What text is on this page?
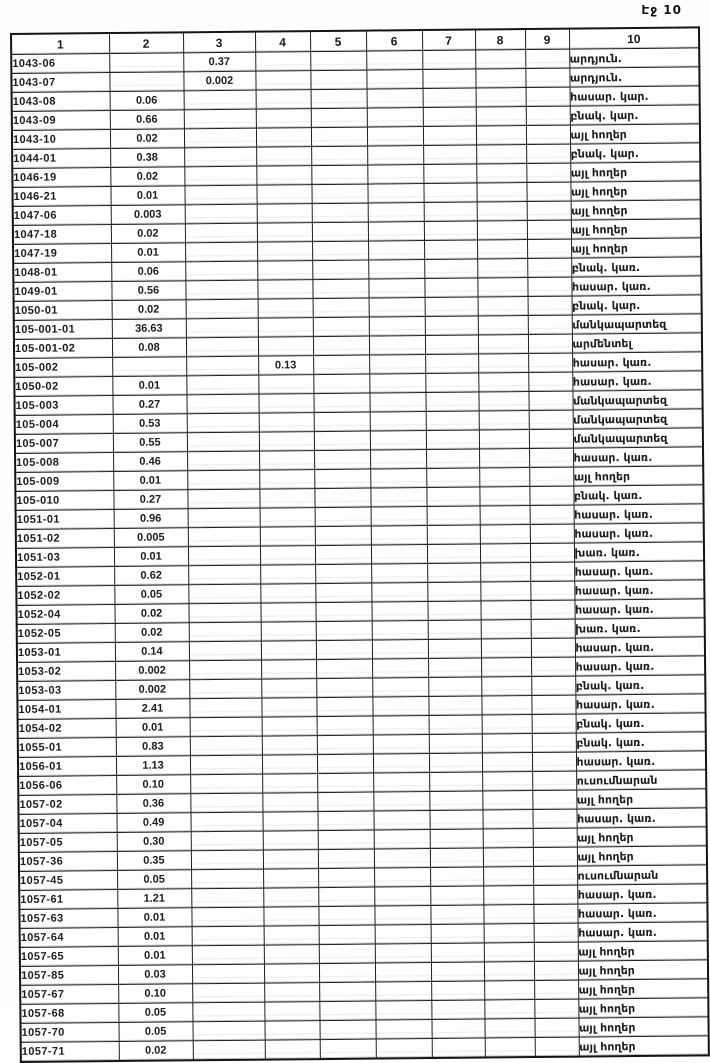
Էջ 10
1	2	3	4	5	6	7	8	9	10
1043-06		0.37							արդյուն.
1043-07		0.002							արդյուն.
1043-08	0.06								հասար. կար.
1043-09	0.66								բնակ. կար.
1043-10	0.02								այլ հողեր
1044-01	0.38								բնակ. կար.
1046-19	0.02								այլ հողեր
1046-21	0.01								այլ հողեր
1047-06	0.003								այլ հողեր
1047-18	0.02								այլ հողեր
1047-19	0.01								այլ հողեր
1048-01	0.06								բնակ. կառ.
1049-01	0.56								հասար. կառ.
1050-01	0.02								բնակ. կար.
105-001-01	36.63								մանկապարտեզ
105-001-02	0.08								արմենտել
105-002			0.13						հասար. կառ.
1050-02	0.01								հասար. կառ.
105-003	0.27								մանկապարտեզ
105-004	0.53								մանկապարտեզ
105-007	0.55								մանկապարտեզ
105-008	0.46								հասար. կառ.
105-009	0.01								այլ հողեր
105-010	0.27								բնակ. կառ.
1051-01	0.96								հասար. կառ.
1051-02	0.005								հասար. կառ.
1051-03	0.01								խառ. կառ.
1052-01	0.62								հասար. կառ.
1052-02	0.05								հասար. կառ.
1052-04	0.02								հասար. կառ.
1052-05	0.02								խառ. կառ.
1053-01	0.14								հասար. կառ.
1053-02	0.002								հասար. կառ.
1053-03	0.002								բնակ. կառ.
1054-01	2.41								հասար. կառ.
1054-02	0.01								բնակ. կառ.
1055-01	0.83								բնակ. կառ.
1056-01	1.13								հասար. կառ.
1056-06	0.10								ուսումնարան
1057-02	0.36								այլ հողեր
1057-04	0.49								հասար. կառ.
1057-05	0.30								այլ հողեր
1057-36	0.35								այլ հողեր
1057-45	0.05								ուսումնարան
1057-61	1.21								հասար. կառ.
1057-63	0.01								հասար. կառ.
1057-64	0.01								հասար. կառ.
1057-65	0.01								այլ հողեր
1057-85	0.03								այլ հողեր
1057-67	0.10								այլ հողեր
1057-68	0.05								այլ հողեր
1057-70	0.05								այլ հողեր
1057-71	0.02								այլ հողեր
